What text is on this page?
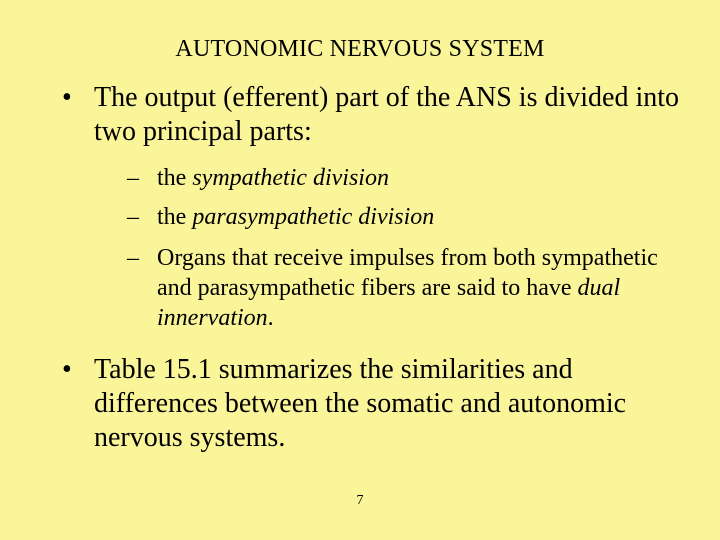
AUTONOMIC NERVOUS SYSTEM
• The output (efferent) part of the ANS is divided into two principal parts:
– the sympathetic division
– the parasympathetic division
– Organs that receive impulses from both sympathetic and parasympathetic fibers are said to have dual innervation.
• Table 15.1 summarizes the similarities and differences between the somatic and autonomic nervous systems.
7
